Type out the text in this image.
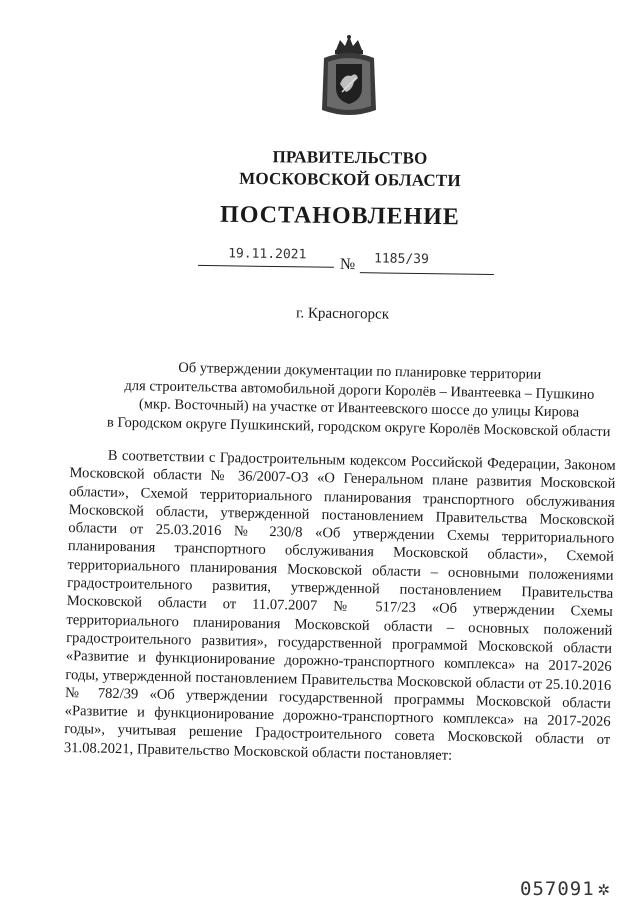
ПРАВИТЕЛЬСТВО
МОСКОВСКОЙ ОБЛАСТИ
ПОСТАНОВЛЕНИЕ
19.11.2021
№ 1185/39
г. Красногорск
Об утверждении документации по планировке территории
для строительства автомобильной дороги Королёв – Ивантеевка – Пушкино
(мкр. Восточный) на участке от Ивантеевского шоссе до улицы Кирова
в Городском округе Пушкинский, городском округе Королёв Московской области
В соответствии с Градостроительным кодексом Российской Федерации, Законом Московской области № 36/2007-ОЗ «О Генеральном плане развития Московской области», Схемой территориального планирования транспортного обслуживания Московской области, утвержденной постановлением Правительства Московской области от 25.03.2016 № 230/8 «Об утверждении Схемы территориального планирования транспортного обслуживания Московской области», Схемой территориального планирования Московской области – основными положениями градостроительного развития, утвержденной постановлением Правительства Московской области от 11.07.2007 № 517/23 «Об утверждении Схемы территориального планирования Московской области – основных положений градостроительного развития», государственной программой Московской области «Развитие и функционирование дорожно-транспортного комплекса» на 2017-2026 годы, утвержденной постановлением Правительства Московской области от 25.10.2016 № 782/39 «Об утверждении государственной программы Московской области «Развитие и функционирование дорожно-транспортного комплекса» на 2017-2026 годы», учитывая решение Градостроительного совета Московской области от 31.08.2021, Правительство Московской области постановляет:
057091 ✲
